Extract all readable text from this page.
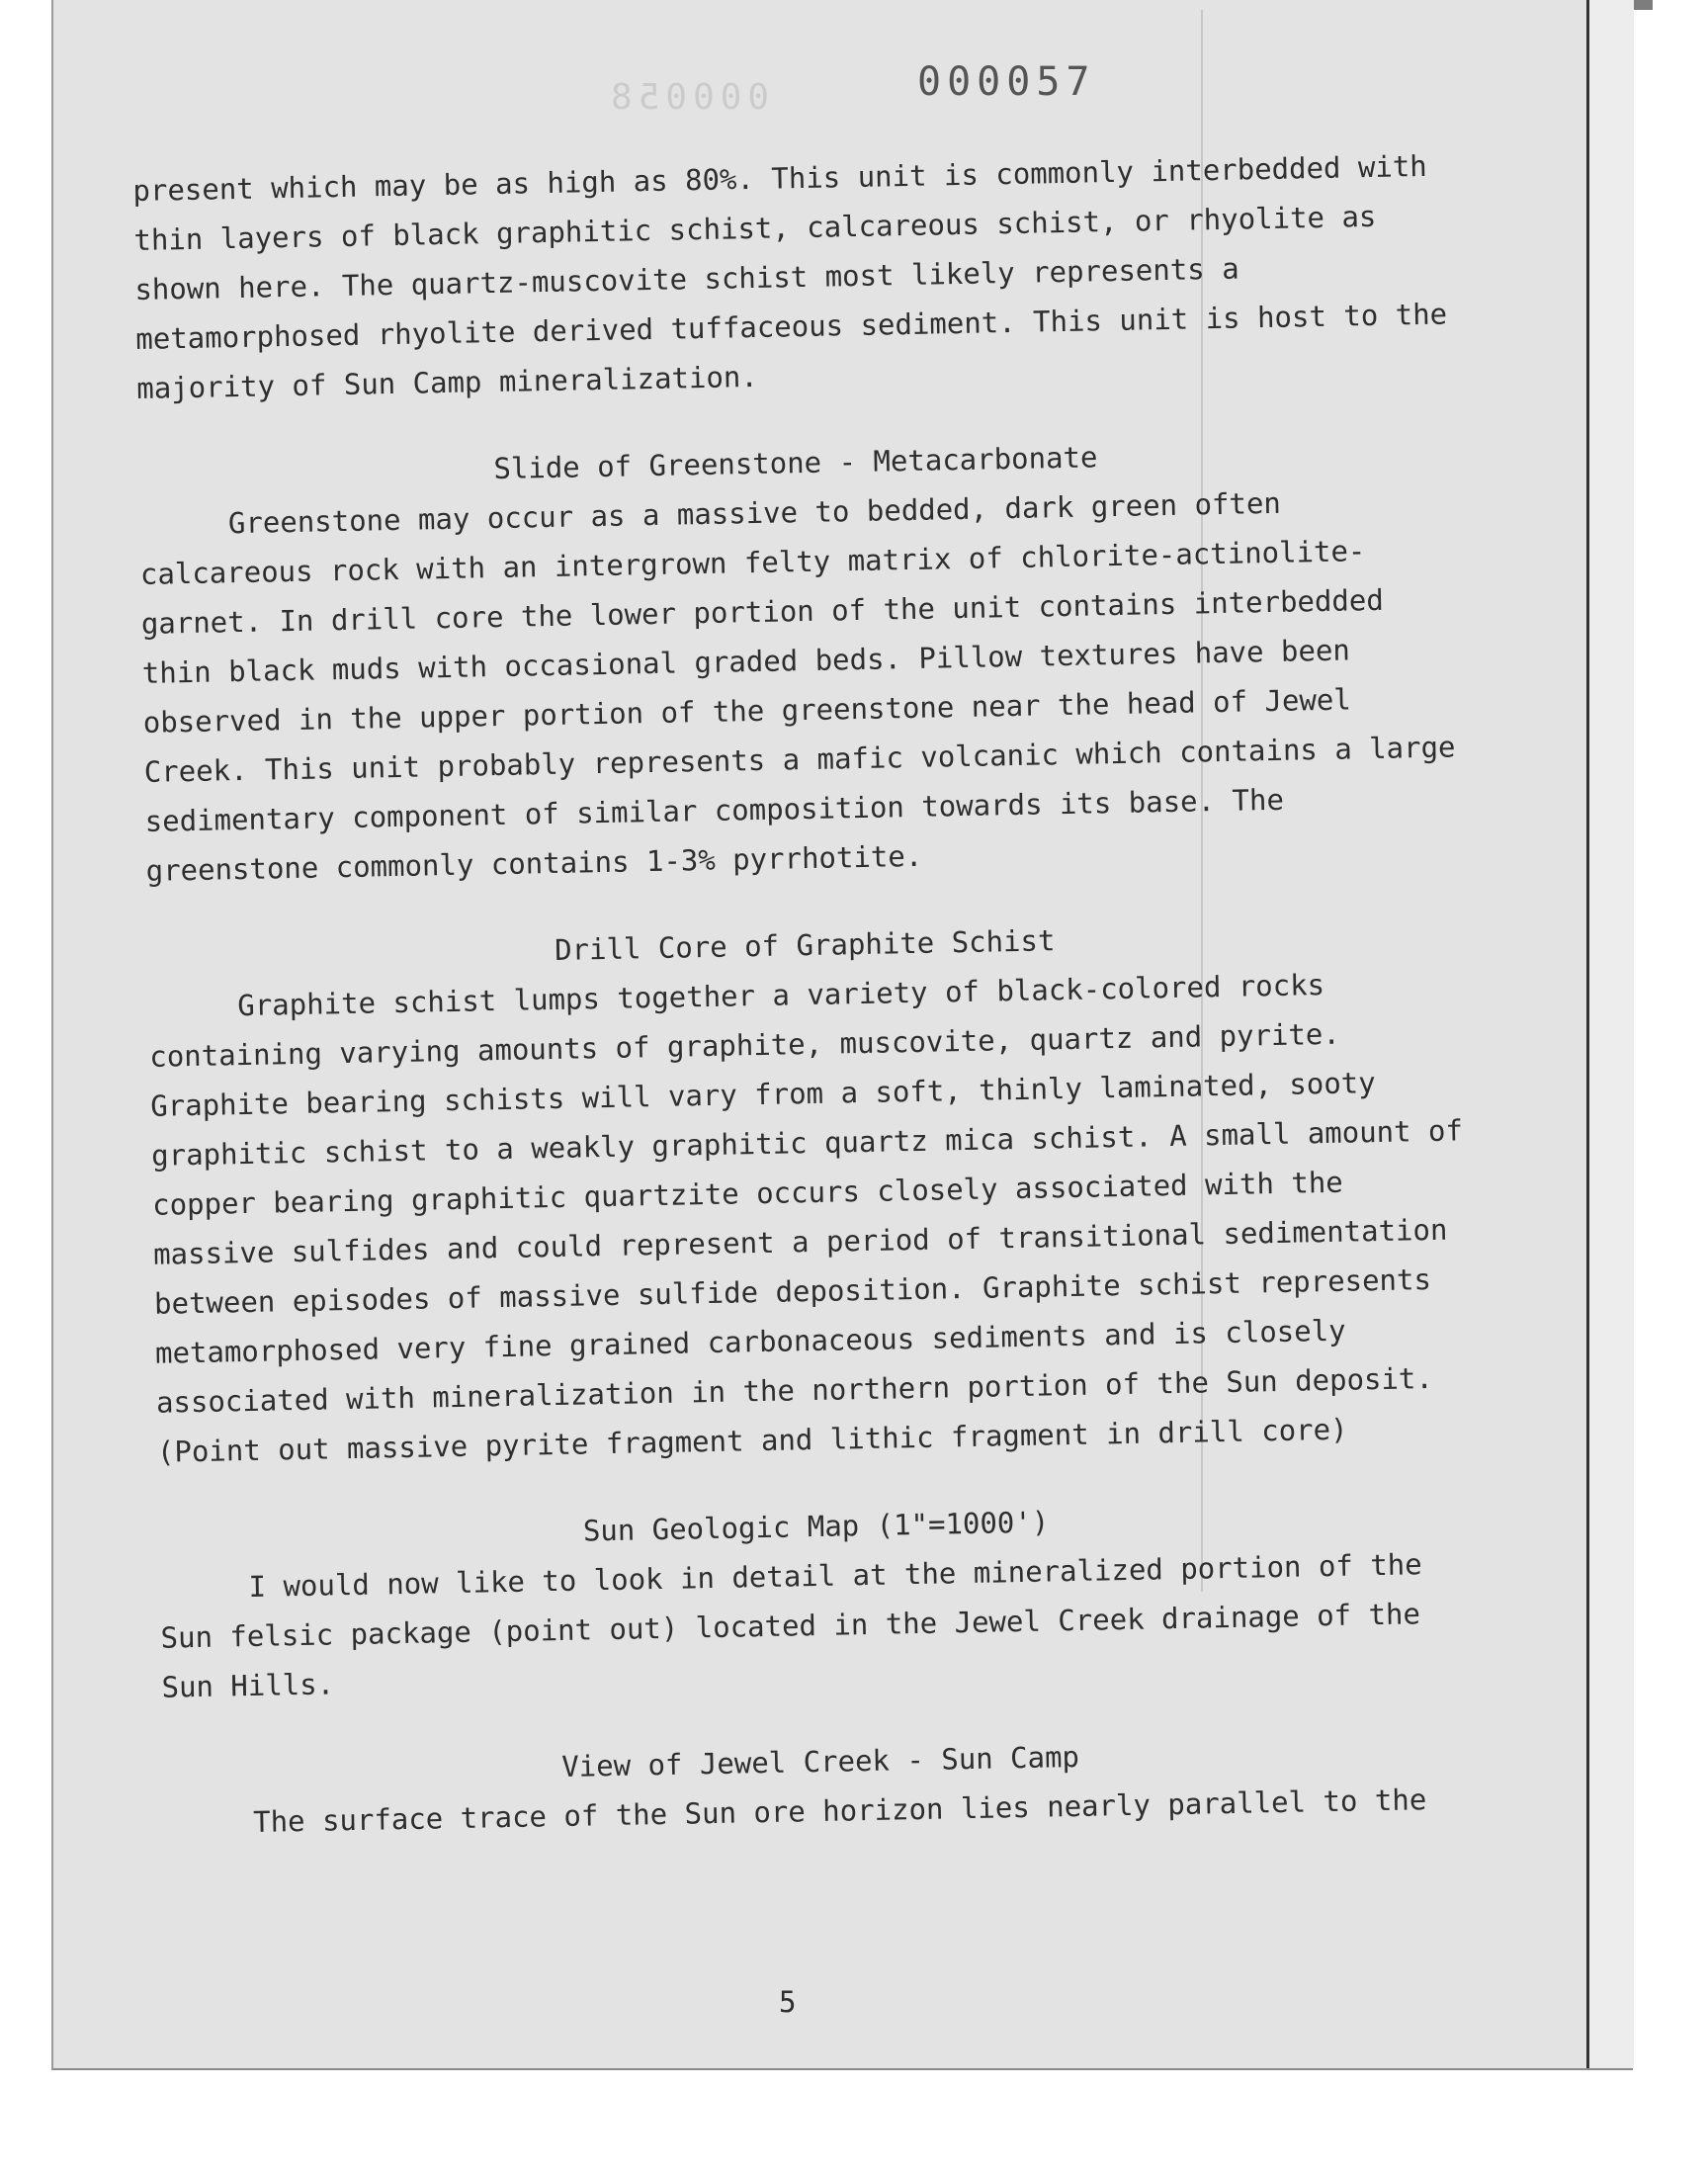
000058	000057

present which may be as high as 80%. This unit is commonly interbedded with thin layers of black graphitic schist, calcareous schist, or rhyolite as shown here. The quartz-muscovite schist most likely represents a metamorphosed rhyolite derived tuffaceous sediment. This unit is host to the majority of Sun Camp mineralization.

Slide of Greenstone - Metacarbonate

Greenstone may occur as a massive to bedded, dark green often calcareous rock with an intergrown felty matrix of chlorite-actinolite-garnet. In drill core the lower portion of the unit contains interbedded thin black muds with occasional graded beds. Pillow textures have been observed in the upper portion of the greenstone near the head of Jewel Creek. This unit probably represents a mafic volcanic which contains a large sedimentary component of similar composition towards its base. The greenstone commonly contains 1-3% pyrrhotite.

Drill Core of Graphite Schist

Graphite schist lumps together a variety of black-colored rocks containing varying amounts of graphite, muscovite, quartz and pyrite. Graphite bearing schists will vary from a soft, thinly laminated, sooty graphitic schist to a weakly graphitic quartz mica schist. A small amount of copper bearing graphitic quartzite occurs closely associated with the massive sulfides and could represent a period of transitional sedimentation between episodes of massive sulfide deposition. Graphite schist represents metamorphosed very fine grained carbonaceous sediments and is closely associated with mineralization in the northern portion of the Sun deposit. (Point out massive pyrite fragment and lithic fragment in drill core)

Sun Geologic Map (1"=1000')

I would now like to look in detail at the mineralized portion of the Sun felsic package (point out) located in the Jewel Creek drainage of the Sun Hills.

View of Jewel Creek - Sun Camp

The surface trace of the Sun ore horizon lies nearly parallel to the

5
